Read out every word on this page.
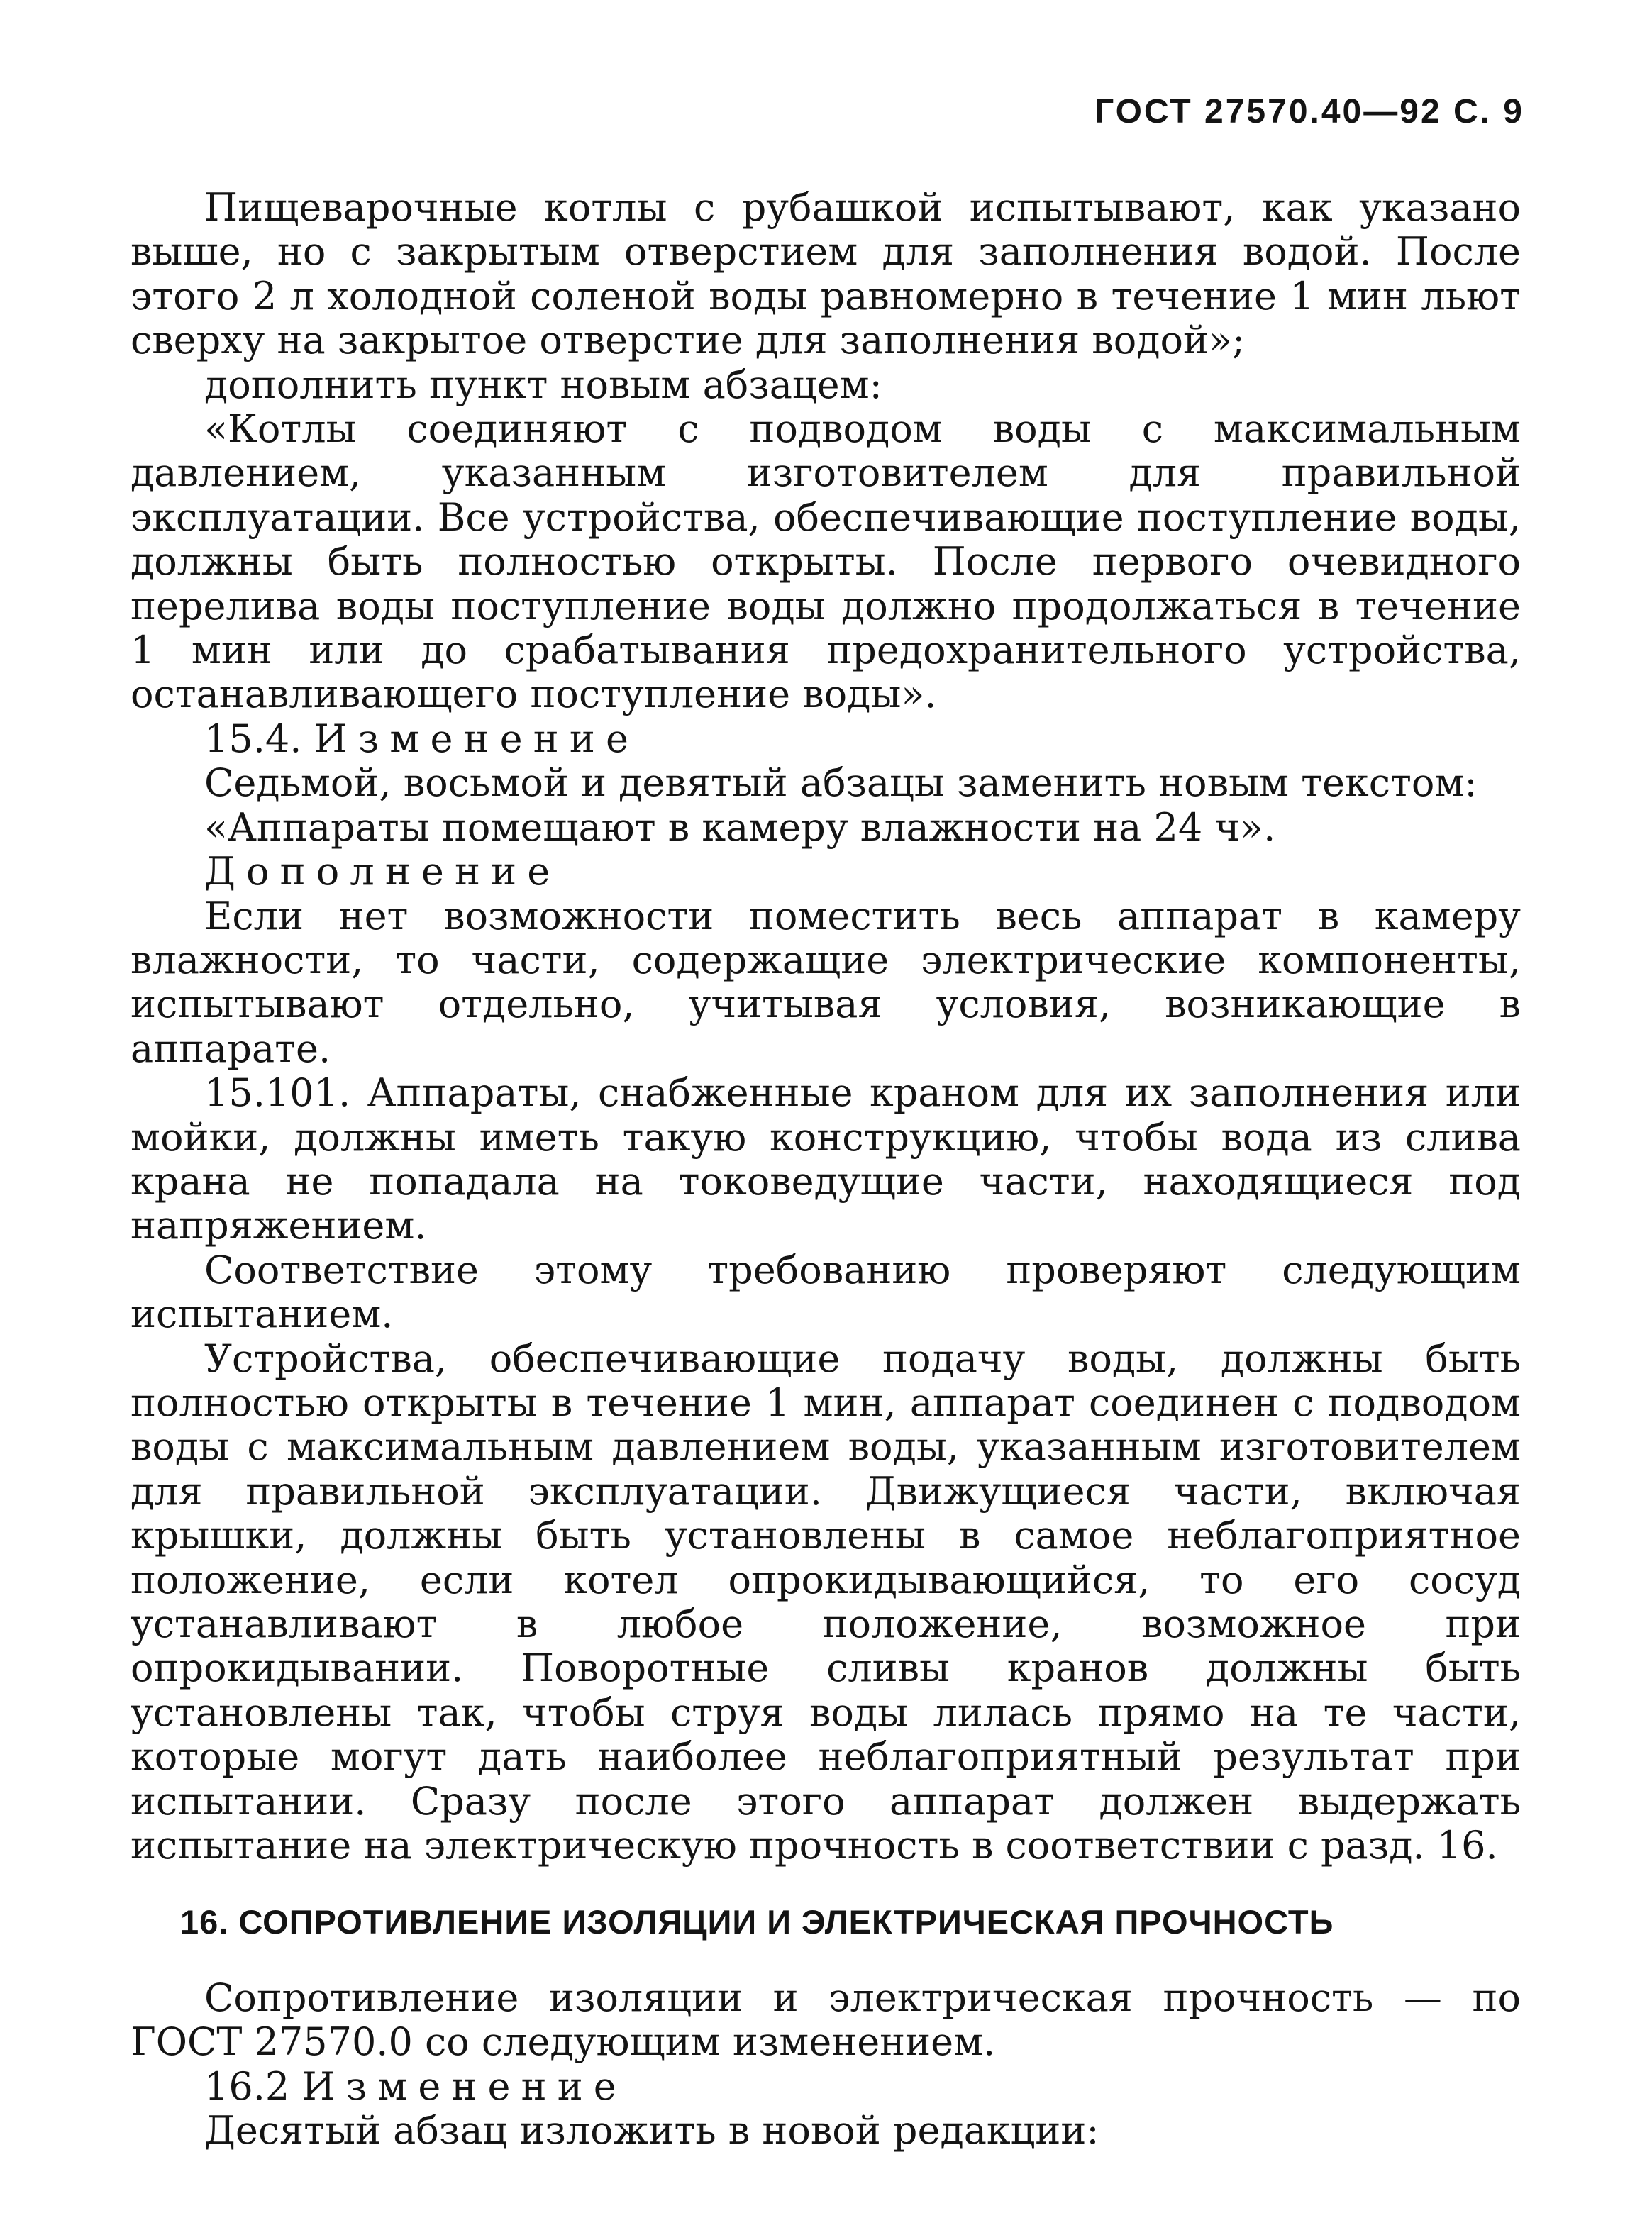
ГОСТ 27570.40—92 С. 9

Пищеварочные котлы с рубашкой испытывают, как указано выше, но с закрытым отверстием для заполнения водой. После этого 2 л холодной соленой воды равномерно в течение 1 мин льют сверху на закрытое отверстие для заполнения водой»;

дополнить пункт новым абзацем:

«Котлы соединяют с подводом воды с максимальным давлением, указанным изготовителем для правильной эксплуатации. Все устройства, обеспечивающие поступление воды, должны быть полностью открыты. После первого очевидного перелива воды поступление воды должно продолжаться в течение 1 мин или до срабатывания предохранительного устройства, останавливающего поступление воды».

15.4. Изменение

Седьмой, восьмой и девятый абзацы заменить новым текстом:

«Аппараты помещают в камеру влажности на 24 ч».

Дополнение

Если нет возможности поместить весь аппарат в камеру влажности, то части, содержащие электрические компоненты, испытывают отдельно, учитывая условия, возникающие в аппарате.

15.101. Аппараты, снабженные краном для их заполнения или мойки, должны иметь такую конструкцию, чтобы вода из слива крана не попадала на токоведущие части, находящиеся под напряжением.

Соответствие этому требованию проверяют следующим испытанием.

Устройства, обеспечивающие подачу воды, должны быть полностью открыты в течение 1 мин, аппарат соединен с подводом воды с максимальным давлением воды, указанным изготовителем для правильной эксплуатации. Движущиеся части, включая крышки, должны быть установлены в самое неблагоприятное положение, если котел опрокидывающийся, то его сосуд устанавливают в любое положение, возможное при опрокидывании. Поворотные сливы кранов должны быть установлены так, чтобы струя воды лилась прямо на те части, которые могут дать наиболее неблагоприятный результат при испытании. Сразу после этого аппарат должен выдержать испытание на электрическую прочность в соответствии с разд. 16.

16. СОПРОТИВЛЕНИЕ ИЗОЛЯЦИИ И ЭЛЕКТРИЧЕСКАЯ ПРОЧНОСТЬ

Сопротивление изоляции и электрическая прочность — по ГОСТ 27570.0 со следующим изменением.

16.2 Изменение

Десятый абзац изложить в новой редакции:
